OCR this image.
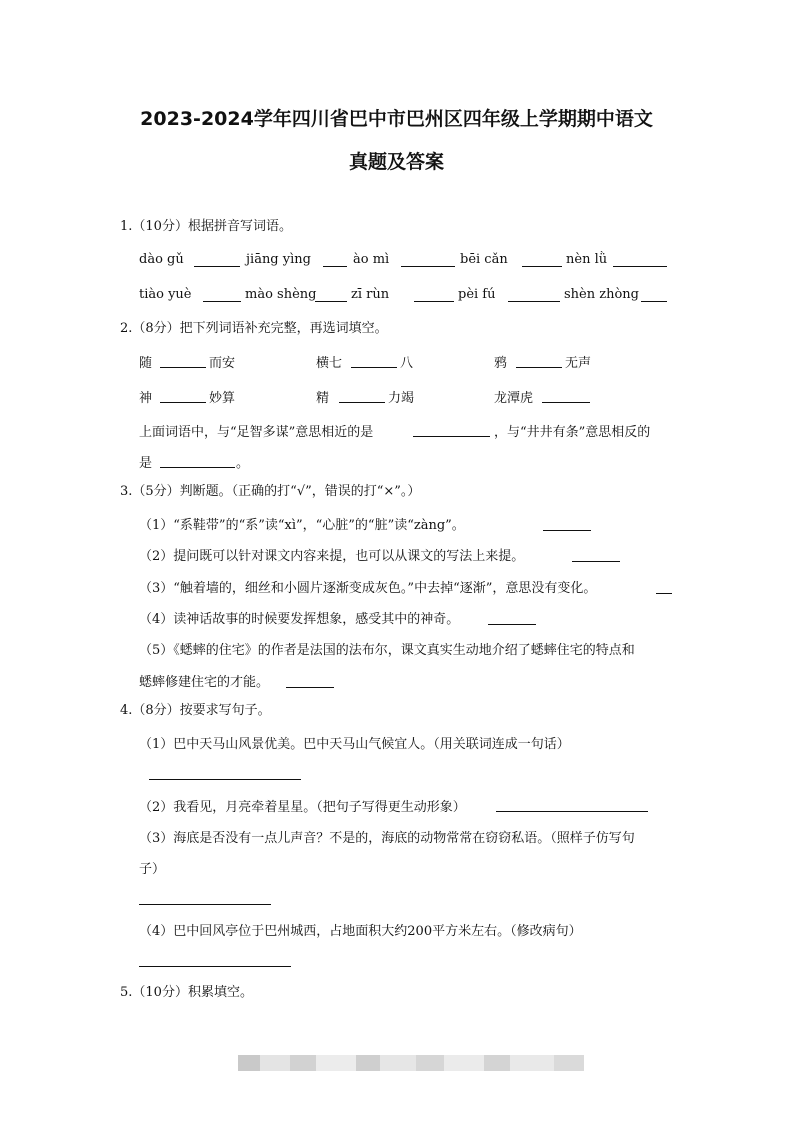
2023-2024学年四川省巴中市巴州区四年级上学期期中语文
真题及答案
1.（10分）根据拼音写词语。
dào gǔ	jiāng yìng	ào mì	bēi cǎn	nèn lǜ
tiào yuè	mào shèng	zī rùn	pèi fú	shèn zhòng
2.（8分）把下列词语补充完整，再选词填空。
随	而安	横七	八	鸦	无声
神	妙算	精	力竭	龙潭虎
上面词语中，与“足智多谋”意思相近的是	，与“井井有条”意思相反的
是	。
3.（5分）判断题。（正确的打“√”，错误的打“×”。）
（1）“系鞋带”的“系”读“xì”，“心脏”的“脏”读“zàng”。
（2）提问既可以针对课文内容来提，也可以从课文的写法上来提。
（3）“触着墙的，细丝和小圆片逐渐变成灰色。”中去掉“逐渐”，意思没有变化。
（4）读神话故事的时候要发挥想象，感受其中的神奇。
（5）《蟋蟀的住宅》的作者是法国的法布尔，课文真实生动地介绍了蟋蟀住宅的特点和
蟋蟀修建住宅的才能。
4.（8分）按要求写句子。
（1）巴中天马山风景优美。巴中天马山气候宜人。（用关联词连成一句话）
（2）我看见，月亮牵着星星。（把句子写得更生动形象）
（3）海底是否没有一点儿声音？不是的，海底的动物常常在窃窃私语。（照样子仿写句
子）
（4）巴中回风亭位于巴州城西，占地面积大约200平方米左右。（修改病句）
5.（10分）积累填空。
